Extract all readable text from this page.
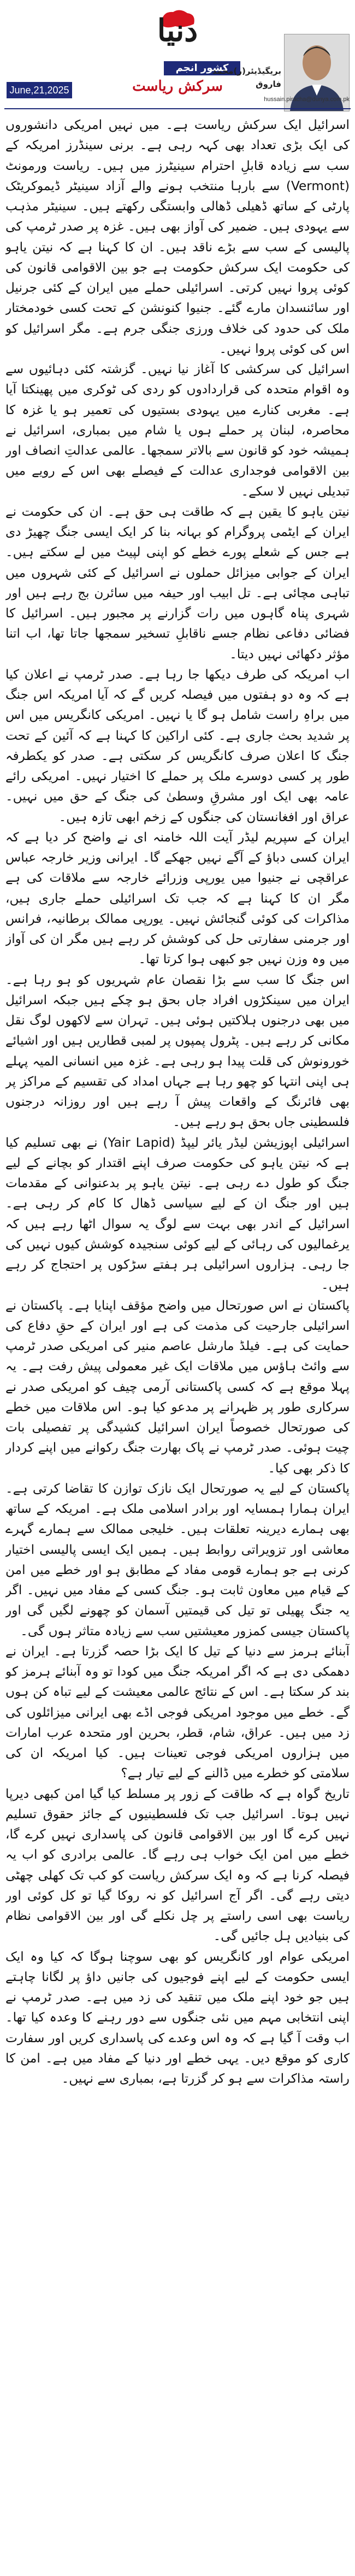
دنیا
کشور انجم
سرکش ریاست
بریگیڈیئر(ر)محمد فاروق
hussain.piracha@dunya.com.pk
June,21,2025

اسرائیل ایک سرکش ریاست ہے۔ میں نہیں امریکی دانشوروں کی ایک بڑی تعداد بھی کہہ رہی ہے۔ برنی سینڈرز امریکہ کے سب سے زیادہ قابلِ احترام سینیٹرز میں ہیں۔ ریاست ورمونٹ (Vermont) سے بارہا منتخب ہونے والے آزاد سینیٹر ڈیموکریٹک پارٹی کے ساتھ ڈھیلی ڈھالی وابستگی رکھتے ہیں۔ سینیٹر مذہب سے یہودی ہیں۔ ضمیر کی آواز بھی ہیں۔ غزہ پر صدر ٹرمپ کی پالیسی کے سب سے بڑے ناقد ہیں۔ ان کا کہنا ہے کہ نیتن یاہو کی حکومت ایک سرکش حکومت ہے جو بین الاقوامی قانون کی کوئی پروا نہیں کرتی۔ اسرائیلی حملے میں ایران کے کئی جرنیل اور سائنسدان مارے گئے۔ جنیوا کنونشن کے تحت کسی خودمختار ملک کی حدود کی خلاف ورزی جنگی جرم ہے۔ مگر اسرائیل کو اس کی کوئی پروا نہیں۔

اسرائیل کی سرکشی کا آغاز نیا نہیں۔ گزشتہ کئی دہائیوں سے وہ اقوام متحدہ کی قراردادوں کو ردی کی ٹوکری میں پھینکتا آیا ہے۔ مغربی کنارے میں یہودی بستیوں کی تعمیر ہو یا غزہ کا محاصرہ، لبنان پر حملے ہوں یا شام میں بمباری، اسرائیل نے ہمیشہ خود کو قانون سے بالاتر سمجھا۔ عالمی عدالتِ انصاف اور بین الاقوامی فوجداری عدالت کے فیصلے بھی اس کے رویے میں تبدیلی نہیں لا سکے۔

نیتن یاہو کا یقین ہے کہ طاقت ہی حق ہے۔ ان کی حکومت نے ایران کے ایٹمی پروگرام کو بہانہ بنا کر ایک ایسی جنگ چھیڑ دی ہے جس کے شعلے پورے خطے کو اپنی لپیٹ میں لے سکتے ہیں۔ ایران کے جوابی میزائل حملوں نے اسرائیل کے کئی شہروں میں تباہی مچائی ہے۔ تل ابیب اور حیفہ میں سائرن بج رہے ہیں اور شہری پناہ گاہوں میں رات گزارنے پر مجبور ہیں۔ اسرائیل کا فضائی دفاعی نظام جسے ناقابلِ تسخیر سمجھا جاتا تھا، اب اتنا مؤثر دکھائی نہیں دیتا۔

اب امریکہ کی طرف دیکھا جا رہا ہے۔ صدر ٹرمپ نے اعلان کیا ہے کہ وہ دو ہفتوں میں فیصلہ کریں گے کہ آیا امریکہ اس جنگ میں براہِ راست شامل ہو گا یا نہیں۔ امریکی کانگریس میں اس پر شدید بحث جاری ہے۔ کئی اراکین کا کہنا ہے کہ آئین کے تحت جنگ کا اعلان صرف کانگریس کر سکتی ہے۔ صدر کو یکطرفہ طور پر کسی دوسرے ملک پر حملے کا اختیار نہیں۔ امریکی رائے عامہ بھی ایک اور مشرقِ وسطیٰ کی جنگ کے حق میں نہیں۔ عراق اور افغانستان کی جنگوں کے زخم ابھی تازہ ہیں۔

ایران کے سپریم لیڈر آیت اللہ خامنہ ای نے واضح کر دیا ہے کہ ایران کسی دباؤ کے آگے نہیں جھکے گا۔ ایرانی وزیر خارجہ عباس عراقچی نے جنیوا میں یورپی وزرائے خارجہ سے ملاقات کی ہے مگر ان کا کہنا ہے کہ جب تک اسرائیلی حملے جاری ہیں، مذاکرات کی کوئی گنجائش نہیں۔ یورپی ممالک برطانیہ، فرانس اور جرمنی سفارتی حل کی کوشش کر رہے ہیں مگر ان کی آواز میں وہ وزن نہیں جو کبھی ہوا کرتا تھا۔

اس جنگ کا سب سے بڑا نقصان عام شہریوں کو ہو رہا ہے۔ ایران میں سینکڑوں افراد جاں بحق ہو چکے ہیں جبکہ اسرائیل میں بھی درجنوں ہلاکتیں ہوئی ہیں۔ تہران سے لاکھوں لوگ نقل مکانی کر رہے ہیں۔ پٹرول پمپوں پر لمبی قطاریں ہیں اور اشیائے خورونوش کی قلت پیدا ہو رہی ہے۔ غزہ میں انسانی المیہ پہلے ہی اپنی انتہا کو چھو رہا ہے جہاں امداد کی تقسیم کے مراکز پر بھی فائرنگ کے واقعات پیش آ رہے ہیں اور روزانہ درجنوں فلسطینی جاں بحق ہو رہے ہیں۔

اسرائیلی اپوزیشن لیڈر یائر لیپڈ (Yair Lapid) نے بھی تسلیم کیا ہے کہ نیتن یاہو کی حکومت صرف اپنے اقتدار کو بچانے کے لیے جنگ کو طول دے رہی ہے۔ نیتن یاہو پر بدعنوانی کے مقدمات ہیں اور جنگ ان کے لیے سیاسی ڈھال کا کام کر رہی ہے۔ اسرائیل کے اندر بھی بہت سے لوگ یہ سوال اٹھا رہے ہیں کہ یرغمالیوں کی رہائی کے لیے کوئی سنجیدہ کوشش کیوں نہیں کی جا رہی۔ ہزاروں اسرائیلی ہر ہفتے سڑکوں پر احتجاج کر رہے ہیں۔

پاکستان نے اس صورتحال میں واضح مؤقف اپنایا ہے۔ پاکستان نے اسرائیلی جارحیت کی مذمت کی ہے اور ایران کے حقِ دفاع کی حمایت کی ہے۔ فیلڈ مارشل عاصم منیر کی امریکی صدر ٹرمپ سے وائٹ ہاؤس میں ملاقات ایک غیر معمولی پیش رفت ہے۔ یہ پہلا موقع ہے کہ کسی پاکستانی آرمی چیف کو امریکی صدر نے سرکاری طور پر ظہرانے پر مدعو کیا ہو۔ اس ملاقات میں خطے کی صورتحال خصوصاً ایران اسرائیل کشیدگی پر تفصیلی بات چیت ہوئی۔ صدر ٹرمپ نے پاک بھارت جنگ رکوانے میں اپنے کردار کا ذکر بھی کیا۔

پاکستان کے لیے یہ صورتحال ایک نازک توازن کا تقاضا کرتی ہے۔ ایران ہمارا ہمسایہ اور برادر اسلامی ملک ہے۔ امریکہ کے ساتھ بھی ہمارے دیرینہ تعلقات ہیں۔ خلیجی ممالک سے ہمارے گہرے معاشی اور تزویراتی روابط ہیں۔ ہمیں ایک ایسی پالیسی اختیار کرنی ہے جو ہمارے قومی مفاد کے مطابق ہو اور خطے میں امن کے قیام میں معاون ثابت ہو۔ جنگ کسی کے مفاد میں نہیں۔ اگر یہ جنگ پھیلی تو تیل کی قیمتیں آسمان کو چھونے لگیں گی اور پاکستان جیسی کمزور معیشتیں سب سے زیادہ متاثر ہوں گی۔

آبنائے ہرمز سے دنیا کے تیل کا ایک بڑا حصہ گزرتا ہے۔ ایران نے دھمکی دی ہے کہ اگر امریکہ جنگ میں کودا تو وہ آبنائے ہرمز کو بند کر سکتا ہے۔ اس کے نتائج عالمی معیشت کے لیے تباہ کن ہوں گے۔ خطے میں موجود امریکی فوجی اڈے بھی ایرانی میزائلوں کی زد میں ہیں۔ عراق، شام، قطر، بحرین اور متحدہ عرب امارات میں ہزاروں امریکی فوجی تعینات ہیں۔ کیا امریکہ ان کی سلامتی کو خطرے میں ڈالنے کے لیے تیار ہے؟

تاریخ گواہ ہے کہ طاقت کے زور پر مسلط کیا گیا امن کبھی دیرپا نہیں ہوتا۔ اسرائیل جب تک فلسطینیوں کے جائز حقوق تسلیم نہیں کرے گا اور بین الاقوامی قانون کی پاسداری نہیں کرے گا، خطے میں امن ایک خواب ہی رہے گا۔ عالمی برادری کو اب یہ فیصلہ کرنا ہے کہ وہ ایک سرکش ریاست کو کب تک کھلی چھٹی دیتی رہے گی۔ اگر آج اسرائیل کو نہ روکا گیا تو کل کوئی اور ریاست بھی اسی راستے پر چل نکلے گی اور بین الاقوامی نظام کی بنیادیں ہل جائیں گی۔

امریکی عوام اور کانگریس کو بھی سوچنا ہوگا کہ کیا وہ ایک ایسی حکومت کے لیے اپنے فوجیوں کی جانیں داؤ پر لگانا چاہتے ہیں جو خود اپنے ملک میں تنقید کی زد میں ہے۔ صدر ٹرمپ نے اپنی انتخابی مہم میں نئی جنگوں سے دور رہنے کا وعدہ کیا تھا۔ اب وقت آ گیا ہے کہ وہ اس وعدے کی پاسداری کریں اور سفارت کاری کو موقع دیں۔ یہی خطے اور دنیا کے مفاد میں ہے۔ امن کا راستہ مذاکرات سے ہو کر گزرتا ہے، بمباری سے نہیں۔
